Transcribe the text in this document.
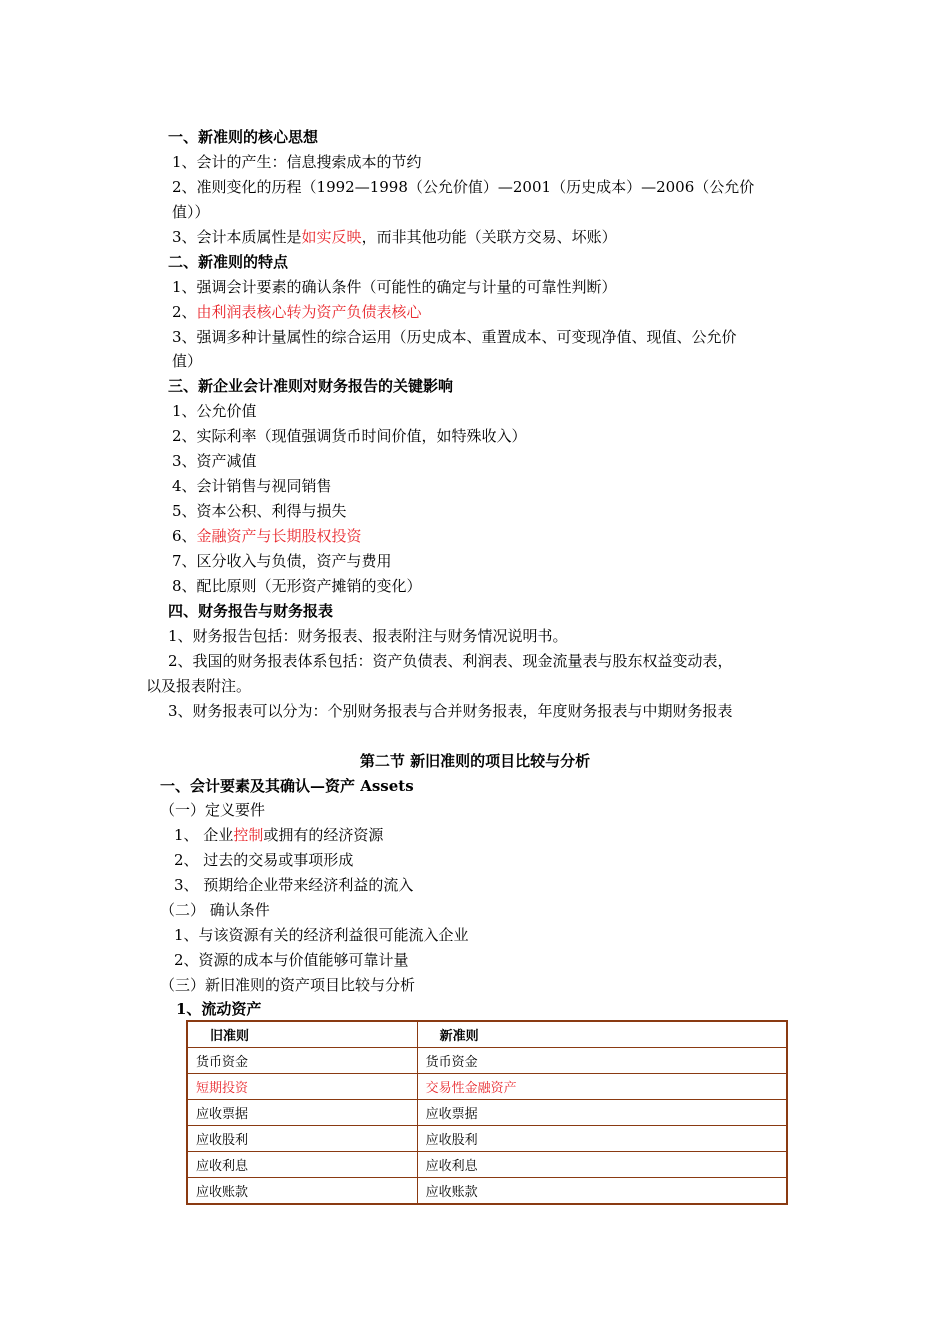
一、新准则的核心思想
1、会计的产生：信息搜索成本的节约
2、准则变化的历程（1992—1998（公允价值）—2001（历史成本）—2006（公允价
值））
3、会计本质属性是如实反映，而非其他功能（关联方交易、坏账）
二、新准则的特点
1、强调会计要素的确认条件（可能性的确定与计量的可靠性判断）
2、由利润表核心转为资产负债表核心
3、强调多种计量属性的综合运用（历史成本、重置成本、可变现净值、现值、公允价
值）
三、新企业会计准则对财务报告的关键影响
1、公允价值
2、实际利率（现值强调货币时间价值，如特殊收入）
3、资产减值
4、会计销售与视同销售
5、资本公积、利得与损失
6、金融资产与长期股权投资
7、区分收入与负债，资产与费用
8、配比原则（无形资产摊销的变化）
四、财务报告与财务报表
1、财务报告包括：财务报表、报表附注与财务情况说明书。
2、我国的财务报表体系包括：资产负债表、利润表、现金流量表与股东权益变动表，
以及报表附注。
3、财务报表可以分为：个别财务报表与合并财务报表，年度财务报表与中期财务报表
第二节 新旧准则的项目比较与分析
一、会计要素及其确认—资产 Assets
（一）定义要件
1、 企业控制或拥有的经济资源
2、 过去的交易或事项形成
3、 预期给企业带来经济利益的流入
（二） 确认条件
1、与该资源有关的经济利益很可能流入企业
2、资源的成本与价值能够可靠计量
（三）新旧准则的资产项目比较与分析
1、流动资产
旧准则	新准则
货币资金	货币资金
短期投资	交易性金融资产
应收票据	应收票据
应收股利	应收股利
应收利息	应收利息
应收账款	应收账款
